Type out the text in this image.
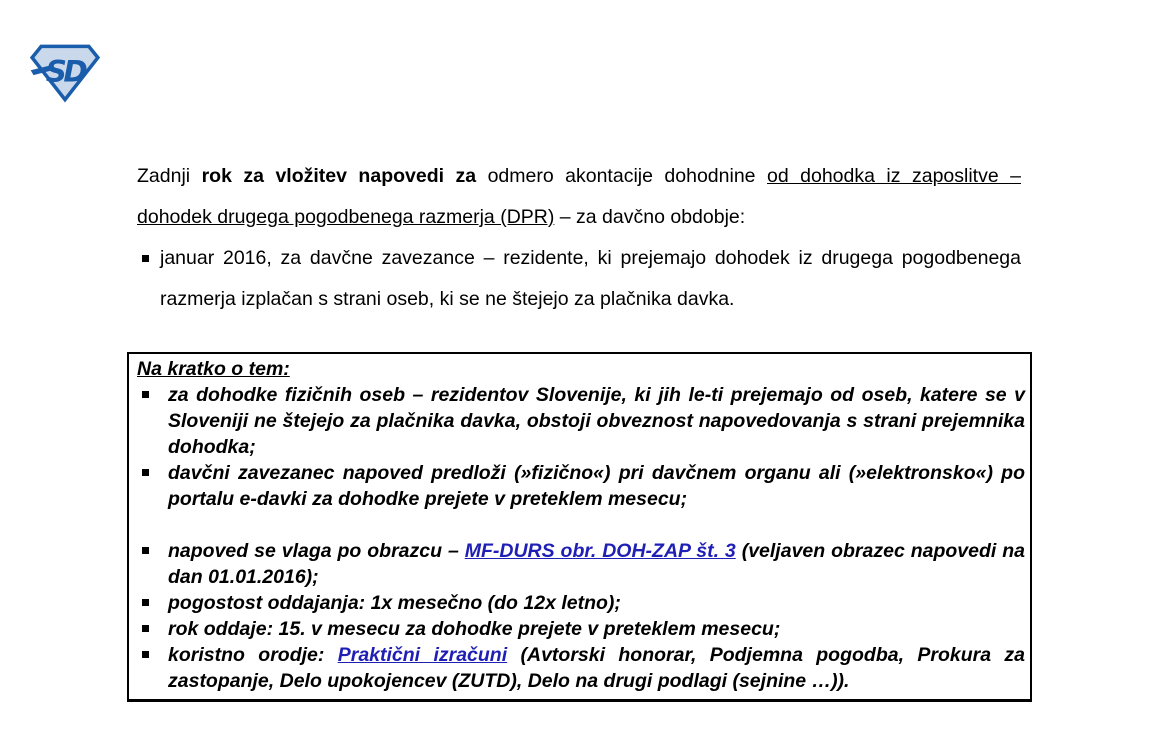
SD

Zadnji rok za vložitev napovedi za odmero akontacije dohodnine od dohodka iz zaposlitve – dohodek drugega pogodbenega razmerja (DPR) – za davčno obdobje:

januar 2016, za davčne zavezance – rezidente, ki prejemajo dohodek iz drugega pogodbenega razmerja izplačan s strani oseb, ki se ne štejejo za plačnika davka.

Na kratko o tem:

za dohodke fizičnih oseb – rezidentov Slovenije, ki jih le-ti prejemajo od oseb, katere se v Sloveniji ne štejejo za plačnika davka, obstoji obveznost napovedovanja s strani prejemnika dohodka;

davčni zavezanec napoved predloži (»fizično«) pri davčnem organu ali (»elektronsko«) po portalu e-davki za dohodke prejete v preteklem mesecu;

napoved se vlaga po obrazcu – MF-DURS obr. DOH-ZAP št. 3 (veljaven obrazec napovedi na dan 01.01.2016);

pogostost oddajanja: 1x mesečno (do 12x letno);

rok oddaje: 15. v mesecu za dohodke prejete v preteklem mesecu;

koristno orodje: Praktični izračuni (Avtorski honorar, Podjemna pogodba, Prokura za zastopanje, Delo upokojencev (ZUTD), Delo na drugi podlagi (sejnine …)).
